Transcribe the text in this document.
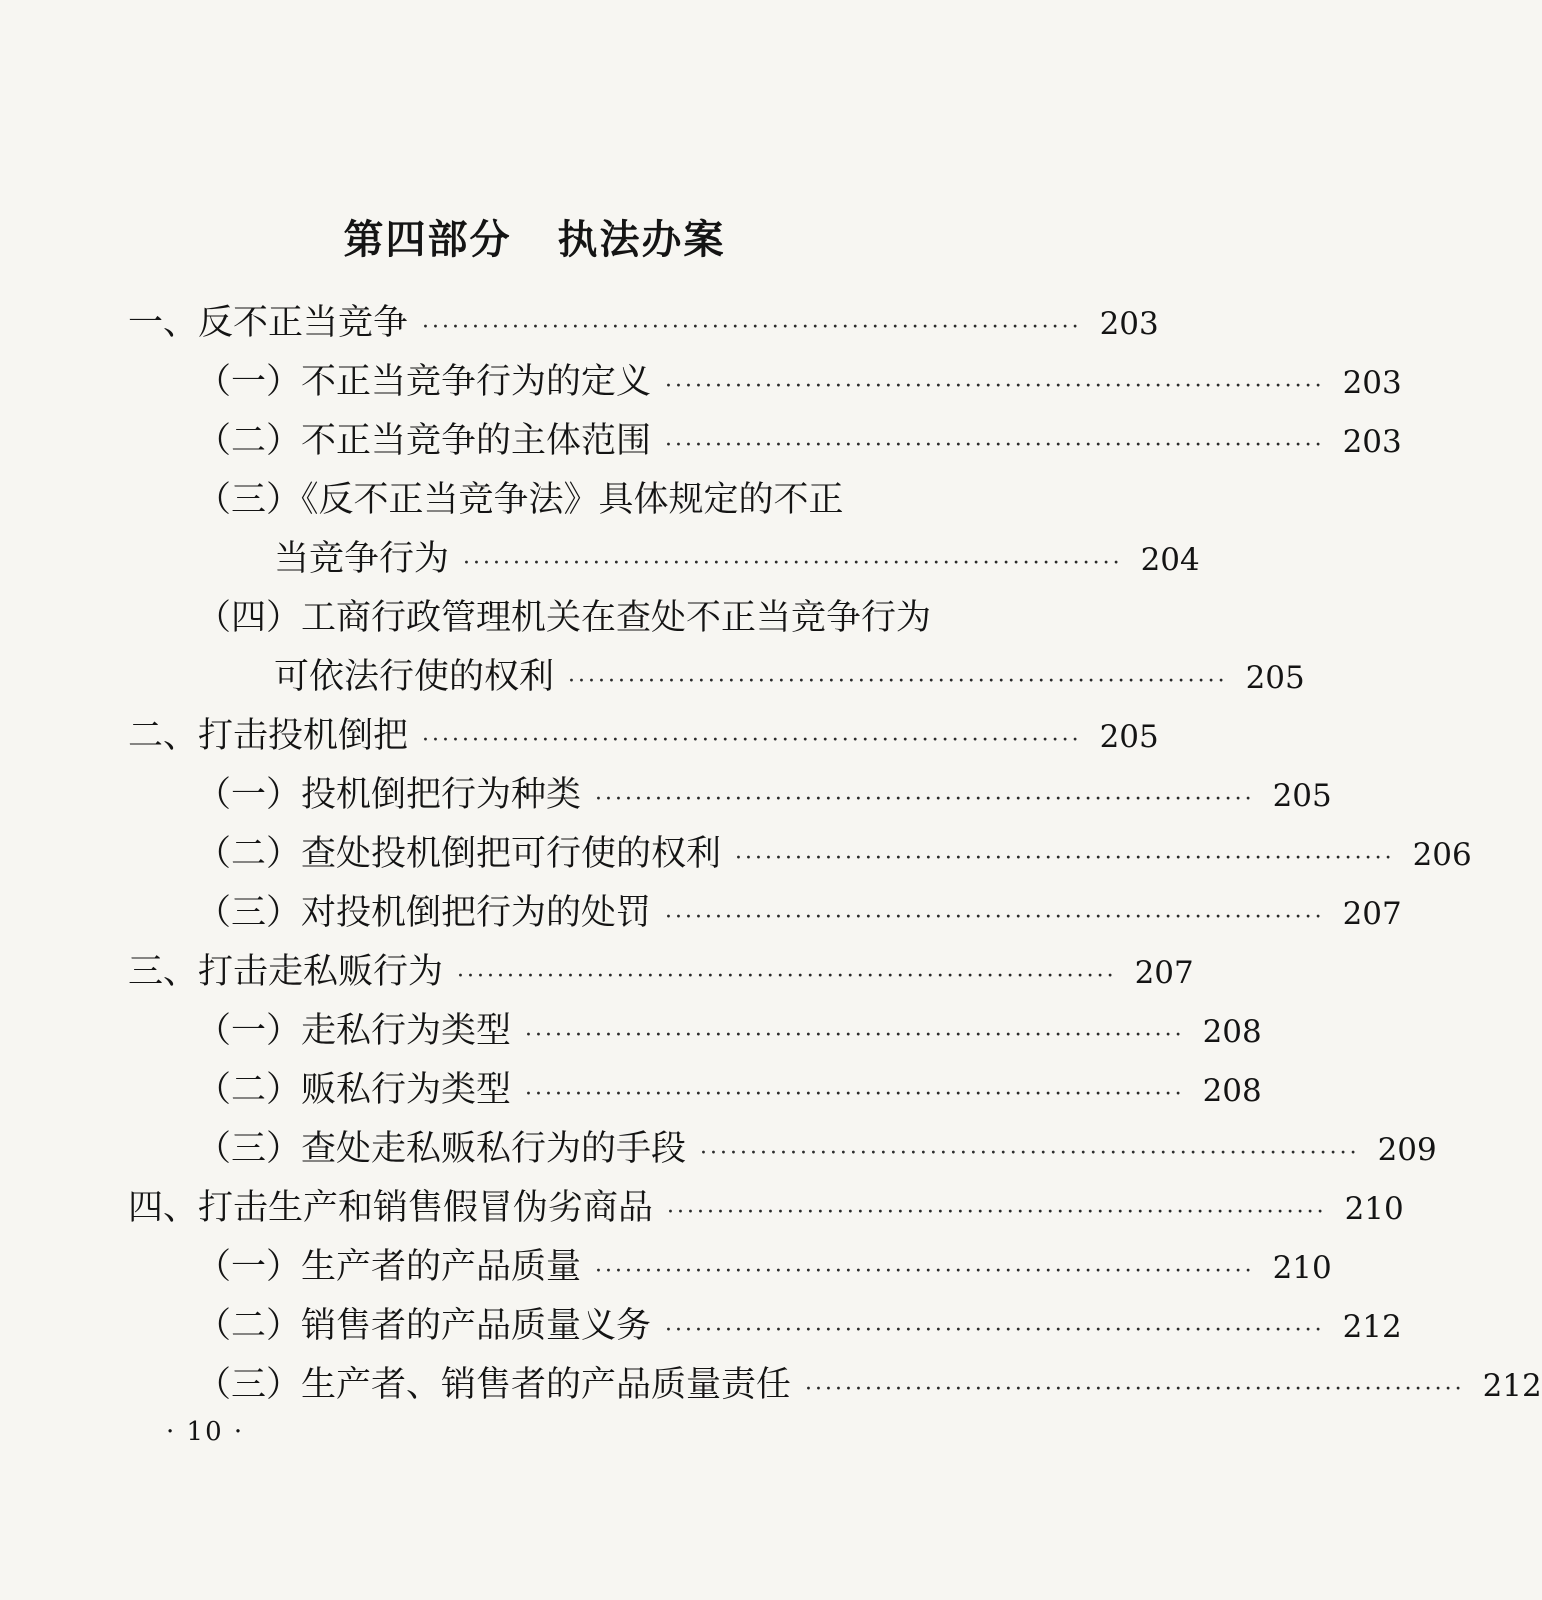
第四部分 执法办案
一、反不正当竞争 ·································································· 203
（一）不正当竞争行为的定义 ·································································· 203
（二）不正当竞争的主体范围 ·································································· 203
（三）《反不正当竞争法》具体规定的不正
当竞争行为 ·································································· 204
（四）工商行政管理机关在查处不正当竞争行为
可依法行使的权利 ·································································· 205
二、打击投机倒把 ·································································· 205
（一）投机倒把行为种类 ·································································· 205
（二）查处投机倒把可行使的权利 ·································································· 206
（三）对投机倒把行为的处罚 ·································································· 207
三、打击走私贩行为 ·································································· 207
（一）走私行为类型 ·································································· 208
（二）贩私行为类型 ·································································· 208
（三）查处走私贩私行为的手段 ·································································· 209
四、打击生产和销售假冒伪劣商品 ·································································· 210
（一）生产者的产品质量 ·································································· 210
（二）销售者的产品质量义务 ·································································· 212
（三）生产者、销售者的产品质量责任 ·································································· 212
· 10 ·
